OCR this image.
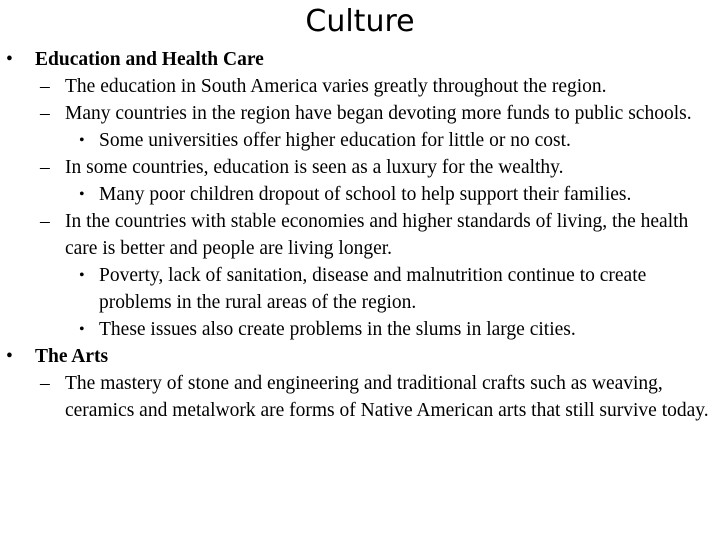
Culture
• Education and Health Care
– The education in South America varies greatly throughout the region.
– Many countries in the region have began devoting more funds to public schools.
• Some universities offer higher education for little or no cost.
– In some countries, education is seen as a luxury for the wealthy.
• Many poor children dropout of school to help support their families.
– In the countries with stable economies and higher standards of living, the health care is better and people are living longer.
• Poverty, lack of sanitation, disease and malnutrition continue to create problems in the rural areas of the region.
• These issues also create problems in the slums in large cities.
• The Arts
– The mastery of stone and engineering and traditional crafts such as weaving, ceramics and metalwork are forms of Native American arts that still survive today.
